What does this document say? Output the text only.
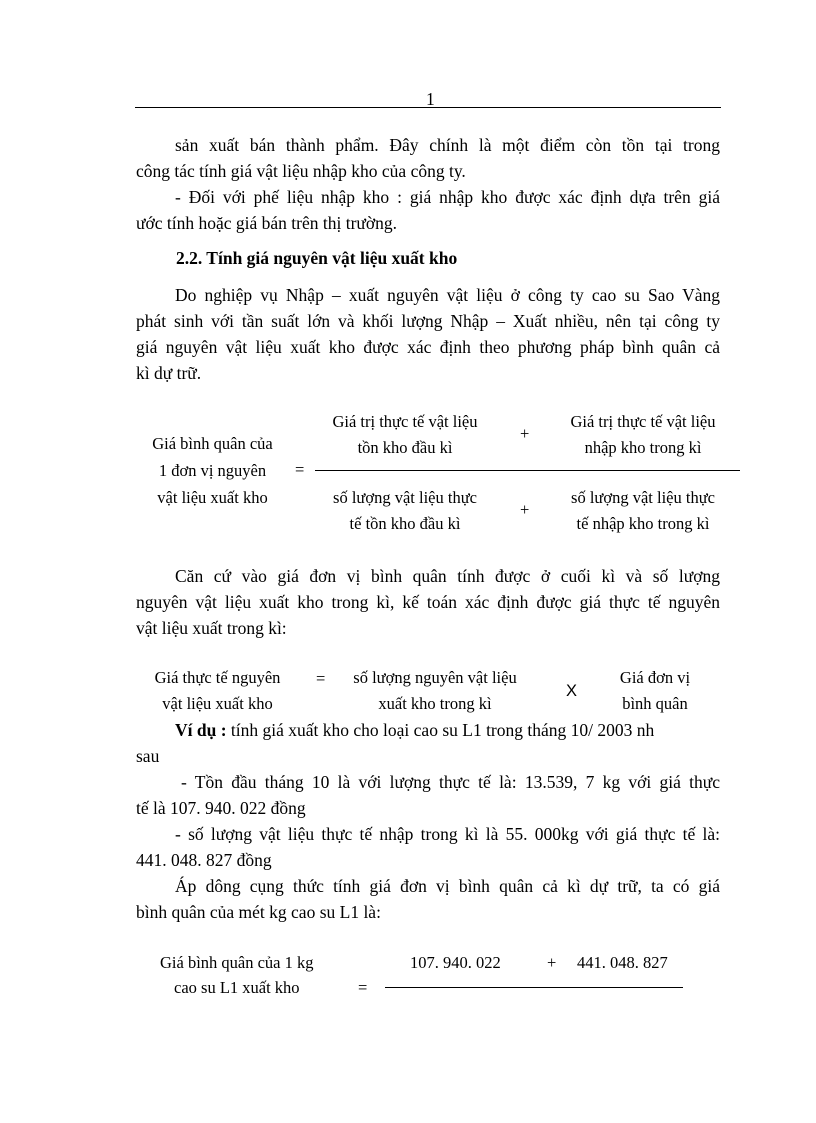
1
sản xuất bán thành phẩm. Đây chính là một điểm còn tồn tại trong
công tác tính giá vật liệu nhập kho của công ty.
- Đối với phế liệu nhập kho : giá nhập kho được xác định dựa trên giá
ước tính hoặc giá bán trên thị trường.
2.2. Tính giá nguyên vật liệu xuất kho
Do nghiệp vụ Nhập – xuất nguyên vật liệu ở công ty cao su Sao Vàng
phát sinh với tần suất lớn và khối lượng Nhập – Xuất nhiều, nên tại công ty
giá nguyên vật liệu xuất kho được xác định theo phương pháp bình quân cả
kì dự trữ.
Giá bình quân của
1 đơn vị nguyên
vật liệu xuất kho
=
Giá trị thực tế vật liệu
tồn kho đầu kì
+
Giá trị thực tế vật liệu
nhập kho trong kì
số lượng vật liệu thực
tế tồn kho đầu kì
+
số lượng vật liệu thực
tế nhập kho trong kì
Căn cứ vào giá đơn vị bình quân tính được ở cuối kì và số lượng
nguyên vật liệu xuất kho trong kì, kế toán xác định được giá thực tế nguyên
vật liệu xuất trong kì:
Giá thực tế nguyên
vật liệu xuất kho
=	số lượng nguyên vật liệu
xuất kho trong kì
X
Giá đơn vị
bình quân
Ví dụ : tính giá xuất kho cho loại cao su L1 trong tháng 10/ 2003 nh
sau
- Tồn đầu tháng 10 là với lượng thực tế là: 13.539, 7 kg với giá thực
tế là 107. 940. 022 đồng
- số lượng vật liệu thực tế nhập trong kì là 55. 000kg với giá thực tế là:
441. 048. 827 đồng
Áp dông cụng thức tính giá đơn vị bình quân cả kì dự trữ, ta có giá
bình quân của mét kg cao su L1 là:
Giá bình quân của 1 kg
cao su L1 xuất kho	=
107. 940. 022	+ 441. 048. 827
